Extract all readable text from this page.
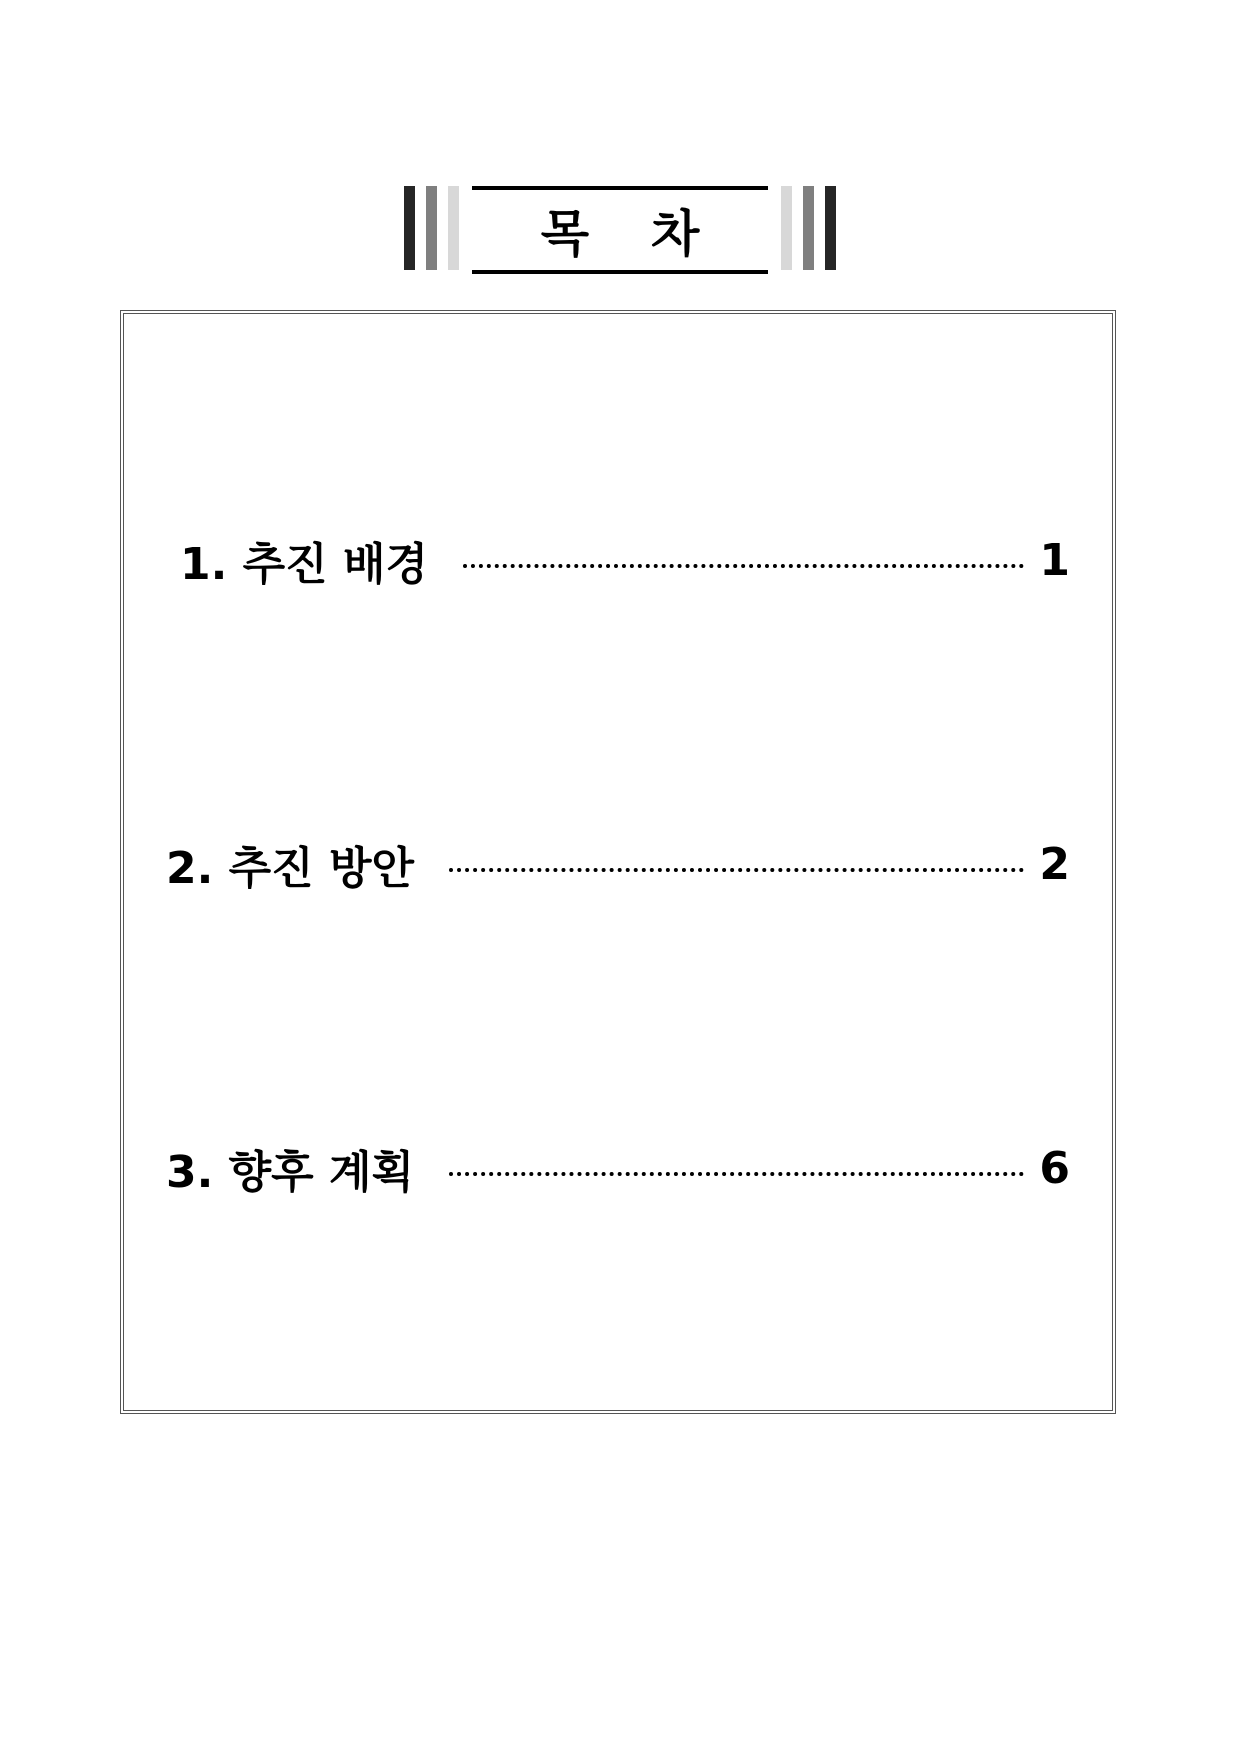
목 차
1. 추진 배경	1
2. 추진 방안	2
3. 향후 계획	6
